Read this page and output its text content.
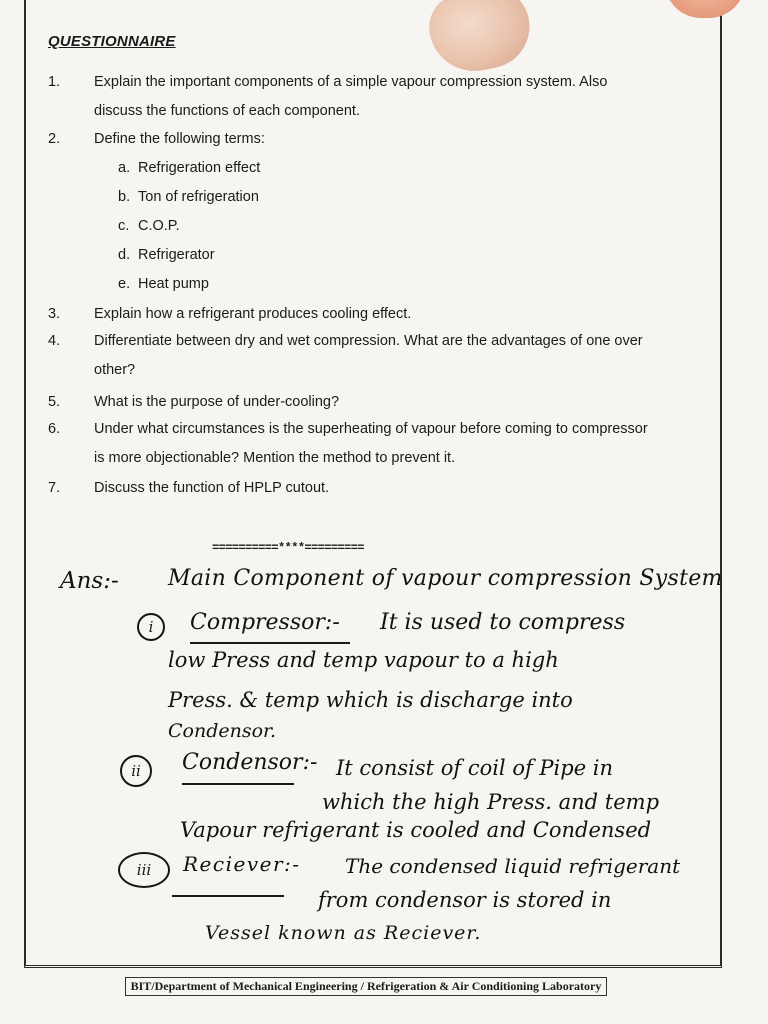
QUESTIONNAIRE
1.	Explain the important components of a simple vapour compression system. Also
discuss the functions of each component.
2.	Define the following terms:
a. Refrigeration effect
b. Ton of refrigeration
c. C.O.P.
d. Refrigerator
e. Heat pump
3.	Explain how a refrigerant produces cooling effect.
4.	Differentiate between dry and wet compression. What are the advantages of one over
other?
5.	What is the purpose of under-cooling?
6.	Under what circumstances is the superheating of vapour before coming to compressor
is more objectionable? Mention the method to prevent it.
7.	Discuss the function of HPLP cutout.
==========****=========
Ans:- Main Component of vapour compression System
i	Compressor:- It is used to compress
low Press and temp vapour to a high
Press. & temp which is discharge into
Condensor.
ii	Condensor:- It consist of coil of Pipe in
which the high Press. and temp
Vapour refrigerant is cooled and Condensed
iii	Reciever:- The condensed liquid refrigerant
from condensor is stored in
Vessel known as Reciever.
BIT/Department of Mechanical Engineering / Refrigeration & Air Conditioning Laboratory
